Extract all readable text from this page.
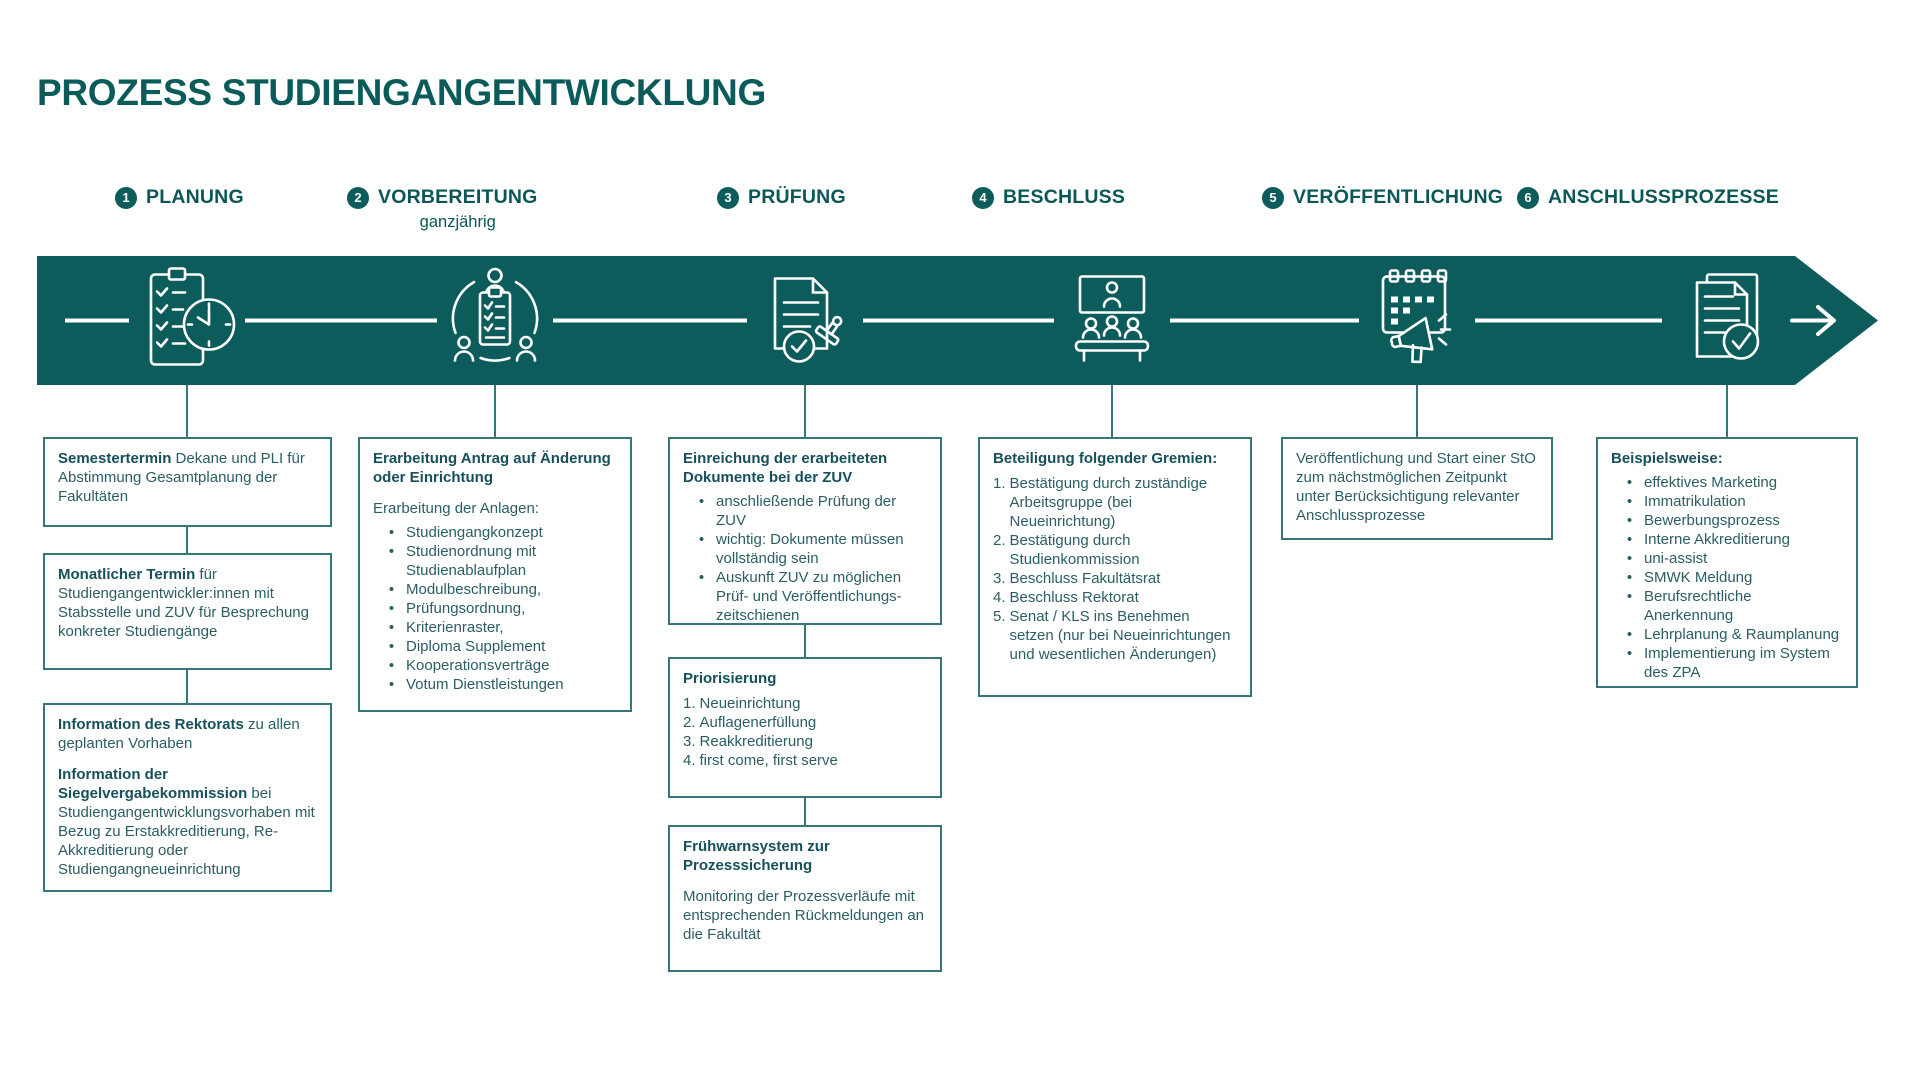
PROZESS STUDIENGANGENTWICKLUNG
1 PLANUNG	2 VORBEREITUNG
ganzjährig
3 PRÜFUNG	4 BESCHLUSS	5 VERÖFFENTLICHUNG	6 ANSCHLUSSPROZESSE

Semestertermin Dekane und PLI für Abstimmung Gesamtplanung der Fakultäten

Monatlicher Termin für Studiengangentwickler:innen mit Stabsstelle und ZUV für Besprechung konkreter Studiengänge

Information des Rektorats zu allen geplanten Vorhaben

Information der Siegelvergabekommission bei Studiengangentwicklungsvorhaben mit Bezug zu Erstakkreditierung, Re-Akkreditierung oder Studiengangneueinrichtung

Erarbeitung Antrag auf Änderung oder Einrichtung

Erarbeitung der Anlagen:

• Studiengangkonzept
• Studienordnung mit Studienablaufplan
• Modulbeschreibung,
• Prüfungsordnung,
• Kriterienraster,
• Diploma Supplement
• Kooperationsverträge
• Votum Dienstleistungen

Einreichung der erarbeiteten Dokumente bei der ZUV

• anschließende Prüfung der ZUV
• wichtig: Dokumente müssen vollständig sein
• Auskunft ZUV zu möglichen Prüf- und Veröffentlichungs- zeitschienen

Priorisierung

1. Neueinrichtung
2. Auflagenerfüllung
3. Reakkreditierung
4. first come, first serve

Frühwarnsystem zur Prozesssicherung

Monitoring der Prozessverläufe mit entsprechenden Rückmeldungen an die Fakultät

Beteiligung folgender Gremien:

1. Bestätigung durch zuständige Arbeitsgruppe (bei Neueinrichtung)
2. Bestätigung durch Studienkommission
3. Beschluss Fakultätsrat
4. Beschluss Rektorat
5. Senat / KLS ins Benehmen setzen (nur bei Neueinrichtungen und wesentlichen Änderungen)

Veröffentlichung und Start einer StO zum nächstmöglichen Zeitpunkt unter Berücksichtigung relevanter Anschlussprozesse

Beispielsweise:

• effektives Marketing
• Immatrikulation
• Bewerbungsprozess
• Interne Akkreditierung
• uni-assist
• SMWK Meldung
• Berufsrechtliche Anerkennung
• Lehrplanung & Raumplanung
• Implementierung im System des ZPA
